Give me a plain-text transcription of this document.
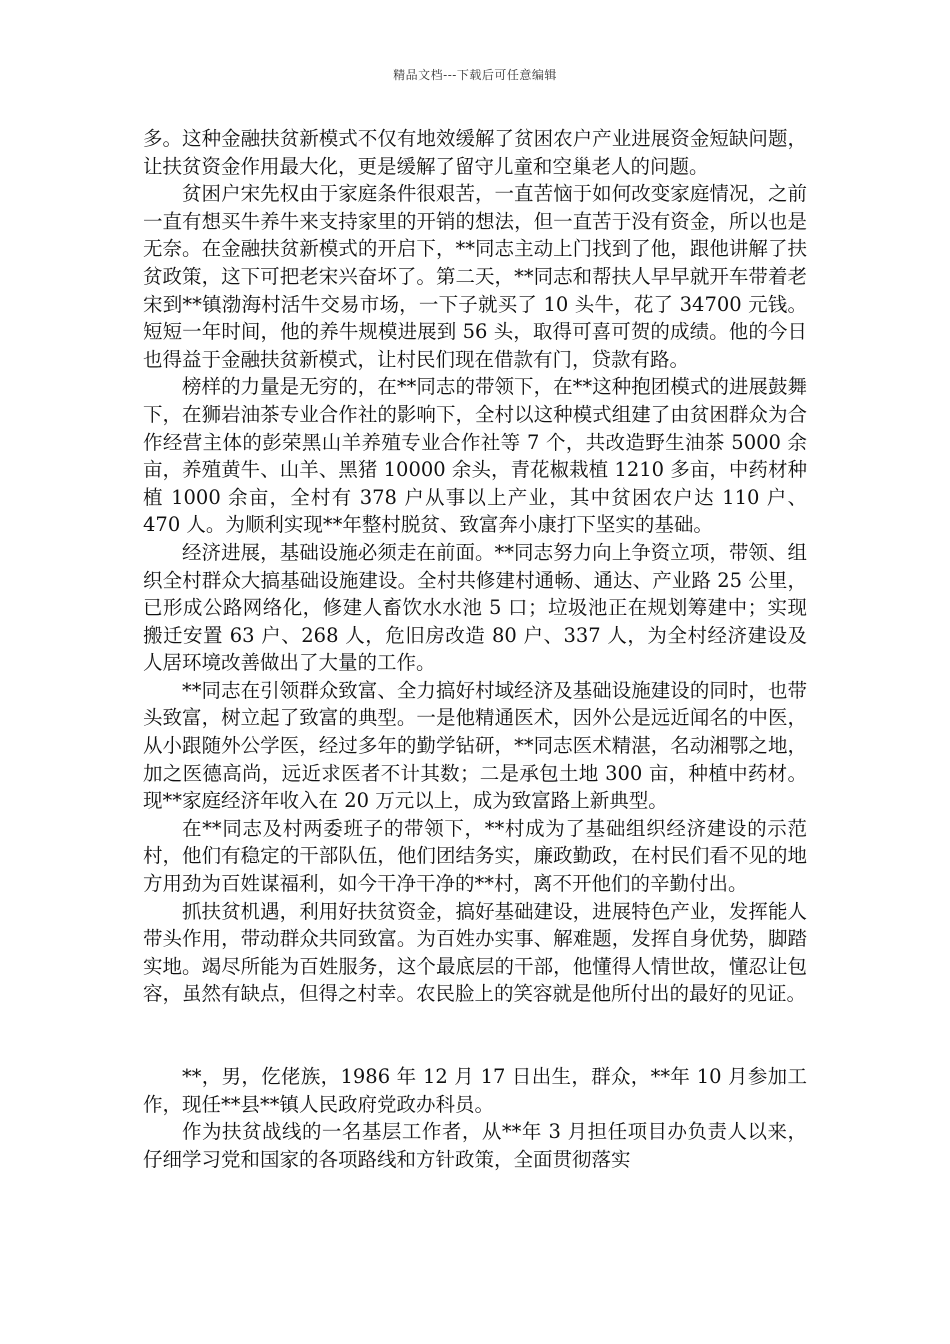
精品文档---下载后可任意编辑

多。这种金融扶贫新模式不仅有地效缓解了贫困农户产业进展资金短缺问题，让扶贫资金作用最大化，更是缓解了留守儿童和空巢老人的问题。

贫困户宋先权由于家庭条件很艰苦，一直苦恼于如何改变家庭情况，之前一直有想买牛养牛来支持家里的开销的想法，但一直苦于没有资金，所以也是无奈。在金融扶贫新模式的开启下，**同志主动上门找到了他，跟他讲解了扶贫政策，这下可把老宋兴奋坏了。第二天，**同志和帮扶人早早就开车带着老宋到**镇渤海村活牛交易市场，一下子就买了 10 头牛，花了 34700 元钱。短短一年时间，他的养牛规模进展到 56 头，取得可喜可贺的成绩。他的今日也得益于金融扶贫新模式，让村民们现在借款有门，贷款有路。

榜样的力量是无穷的，在**同志的带领下，在**这种抱团模式的进展鼓舞下，在狮岩油茶专业合作社的影响下，全村以这种模式组建了由贫困群众为合作经营主体的彭荣黑山羊养殖专业合作社等 7 个，共改造野生油茶 5000 余亩，养殖黄牛、山羊、黑猪 10000 余头，青花椒栽植 1210 多亩，中药材种植 1000 余亩，全村有 378 户从事以上产业，其中贫困农户达 110 户、470 人。为顺利实现**年整村脱贫、致富奔小康打下坚实的基础。

经济进展，基础设施必须走在前面。**同志努力向上争资立项，带领、组织全村群众大搞基础设施建设。全村共修建村通畅、通达、产业路 25 公里，已形成公路网络化，修建人畜饮水水池 5 口；垃圾池正在规划筹建中；实现搬迁安置 63 户、268 人，危旧房改造 80 户、337 人，为全村经济建设及人居环境改善做出了大量的工作。

**同志在引领群众致富、全力搞好村域经济及基础设施建设的同时，也带头致富，树立起了致富的典型。一是他精通医术，因外公是远近闻名的中医，从小跟随外公学医，经过多年的勤学钻研，**同志医术精湛，名动湘鄂之地，加之医德高尚，远近求医者不计其数；二是承包土地 300 亩，种植中药材。现**家庭经济年收入在 20 万元以上，成为致富路上新典型。

在**同志及村两委班子的带领下，**村成为了基础组织经济建设的示范村，他们有稳定的干部队伍，他们团结务实，廉政勤政，在村民们看不见的地方用劲为百姓谋福利，如今干净干净的**村，离不开他们的辛勤付出。

抓扶贫机遇，利用好扶贫资金，搞好基础建设，进展特色产业，发挥能人带头作用，带动群众共同致富。为百姓办实事、解难题，发挥自身优势，脚踏实地。竭尽所能为百姓服务，这个最底层的干部，他懂得人情世故，懂忍让包容，虽然有缺点，但得之村幸。农民脸上的笑容就是他所付出的最好的见证。

**，男，仡佬族，1986 年 12 月 17 日出生，群众，**年 10 月参加工作，现任**县**镇人民政府党政办科员。

作为扶贫战线的一名基层工作者，从**年 3 月担任项目办负责人以来，仔细学习党和国家的各项路线和方针政策，全面贯彻落实
